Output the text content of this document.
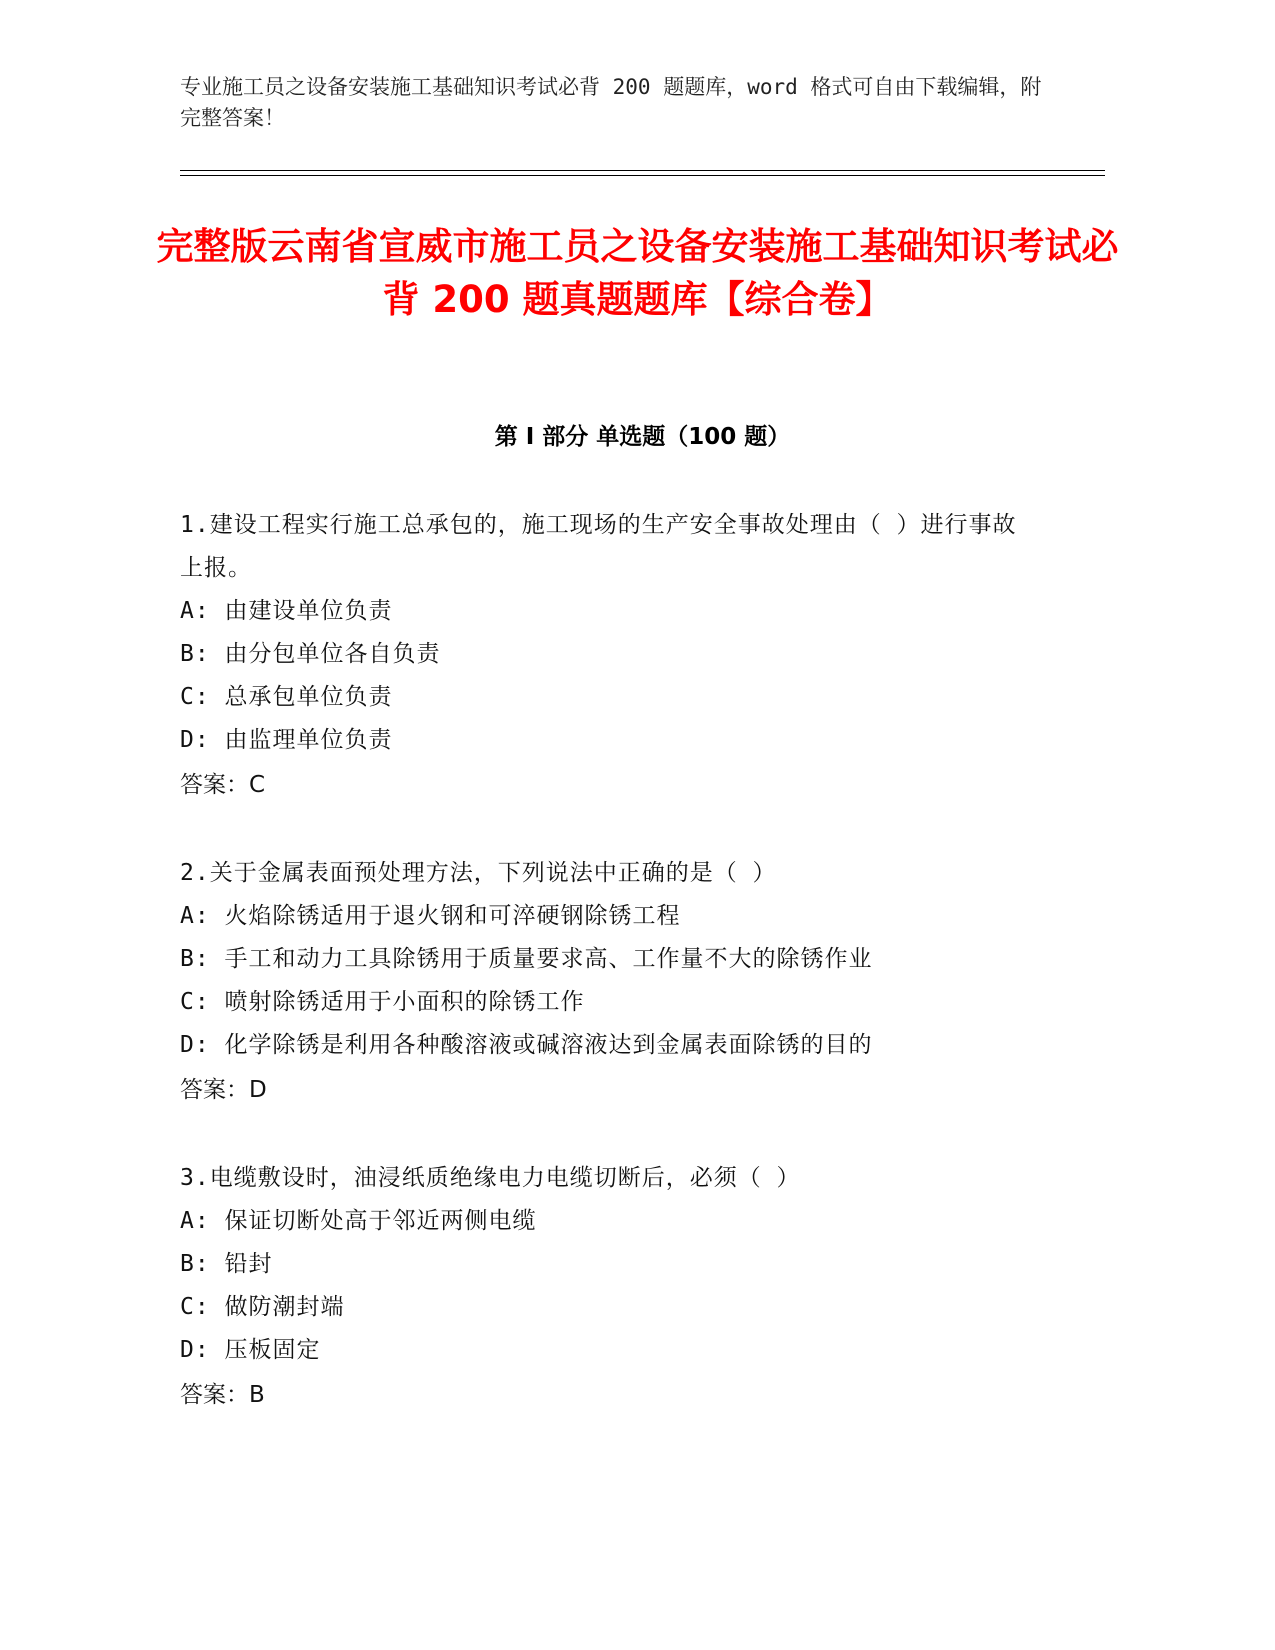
专业施工员之设备安装施工基础知识考试必背 200 题题库，word 格式可自由下载编辑，附完整答案！
完整版云南省宣威市施工员之设备安装施工基础知识考试必背 200 题真题题库【综合卷】
第 I 部分 单选题（100 题）
1.建设工程实行施工总承包的，施工现场的生产安全事故处理由（ ）进行事故上报。
A: 由建设单位负责
B: 由分包单位各自负责
C: 总承包单位负责
D: 由监理单位负责
答案：C
2.关于金属表面预处理方法，下列说法中正确的是（ ）
A: 火焰除锈适用于退火钢和可淬硬钢除锈工程
B: 手工和动力工具除锈用于质量要求高、工作量不大的除锈作业
C: 喷射除锈适用于小面积的除锈工作
D: 化学除锈是利用各种酸溶液或碱溶液达到金属表面除锈的目的
答案：D
3.电缆敷设时，油浸纸质绝缘电力电缆切断后，必须（ ）
A: 保证切断处高于邻近两侧电缆
B: 铅封
C: 做防潮封端
D: 压板固定
答案：B
